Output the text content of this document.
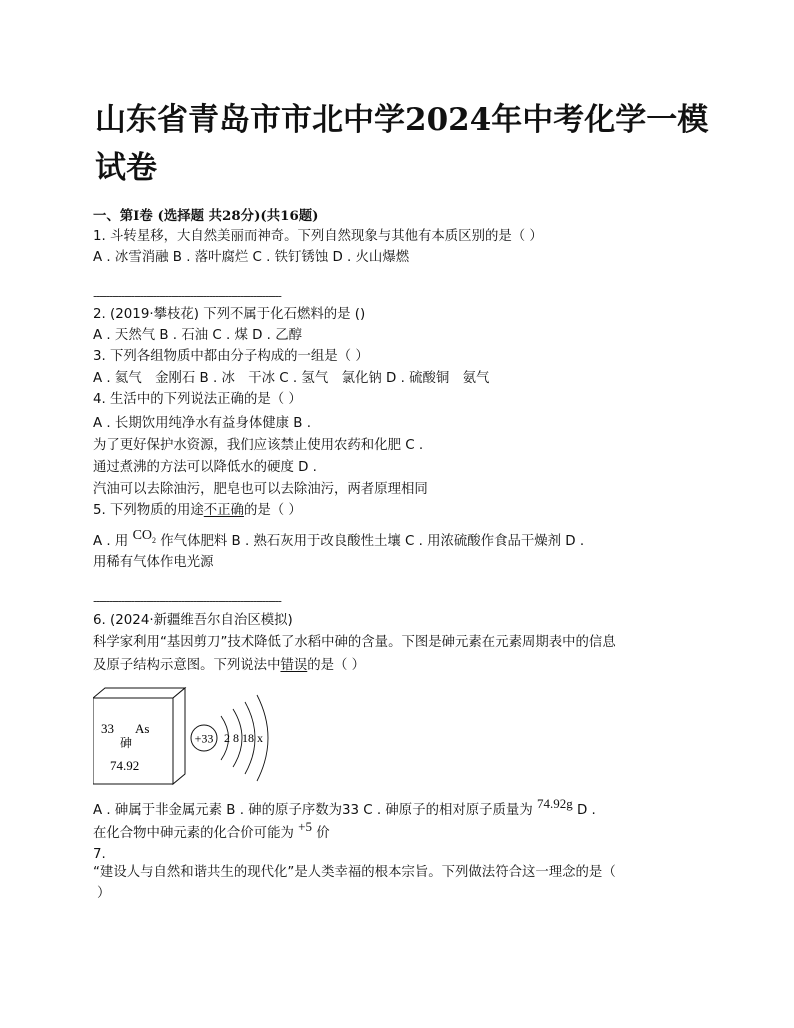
山东省青岛市市北中学2024年中考化学一模
试卷
一、第Ⅰ卷 (选择题 共28分)(共16题)
1. 斗转星移，大自然美丽而神奇。下列自然现象与其他有本质区别的是（ ）
A . 冰雪消融 B . 落叶腐烂 C . 铁钉锈蚀 D . 火山爆燃
------------------------------------------------------------
2. (2019·攀枝花) 下列不属于化石燃料的是 ()
A . 天然气 B . 石油 C . 煤 D . 乙醇
3. 下列各组物质中都由分子构成的一组是（ ）
A . 氦气　金刚石 B . 冰　干冰 C . 氢气　氯化钠 D . 硫酸铜　氨气
4. 生活中的下列说法正确的是（ ）
A . 长期饮用纯净水有益身体健康 B .
为了更好保护水资源，我们应该禁止使用农药和化肥 C .
通过煮沸的方法可以降低水的硬度 D .
汽油可以去除油污，肥皂也可以去除油污，两者原理相同
5. 下列物质的用途不正确的是（ ）
A . 用 $CO_2$ 作气体肥料 B . 熟石灰用于改良酸性土壤 C . 用浓硫酸作食品干燥剂 D .
用稀有气体作电光源
------------------------------------------------------------
6. (2024·新疆维吾尔自治区模拟)
科学家利用“基因剪刀”技术降低了水稻中砷的含量。下图是砷元素在元素周期表中的信息
及原子结构示意图。下列说法中错误的是（ ）
33 As
砷
74.92
+33 2 8 18 x
A . 砷属于非金属元素 B . 砷的原子序数为33 C . 砷原子的相对原子质量为 74.92g D .
在化合物中砷元素的化合价可能为 +5 价
7.
“建设人与自然和谐共生的现代化”是人类幸福的根本宗旨。下列做法符合这一理念的是（
）
